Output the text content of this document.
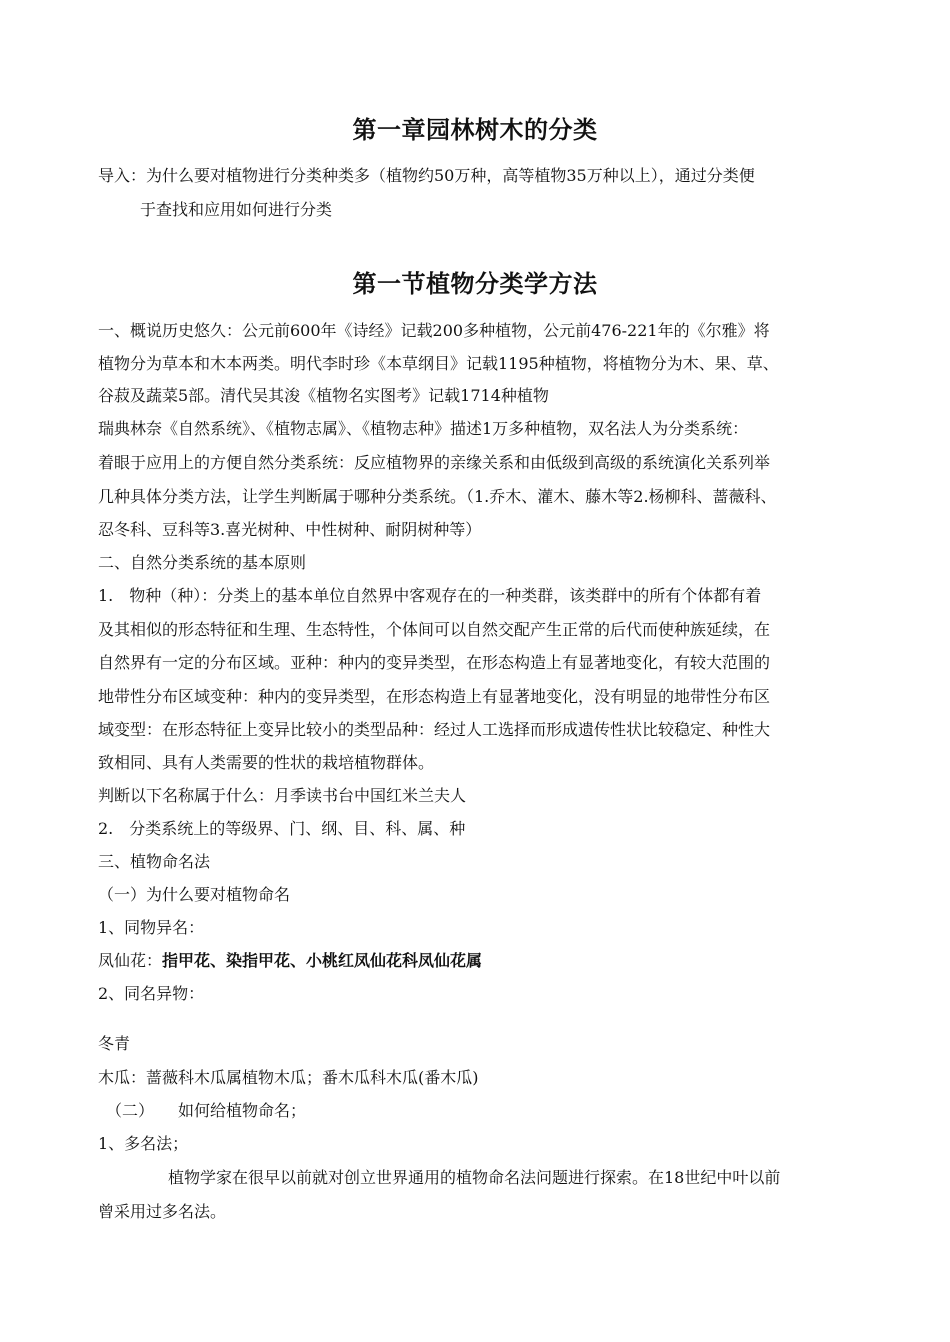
第一章园林树木的分类
导入：为什么要对植物进行分类种类多（植物约50万种，高等植物35万种以上），通过分类便
于查找和应用如何进行分类
第一节植物分类学方法
一、概说历史悠久：公元前600年《诗经》记载200多种植物，公元前476-221年的《尔雅》将
植物分为草本和木本两类。明代李时珍《本草纲目》记载1195种植物，将植物分为木、果、草、
谷菽及蔬菜5部。清代吴其浚《植物名实图考》记载1714种植物
瑞典林奈《自然系统》、《植物志属》、《植物志种》描述1万多种植物，双名法人为分类系统：
着眼于应用上的方便自然分类系统：反应植物界的亲缘关系和由低级到高级的系统演化关系列举
几种具体分类方法，让学生判断属于哪种分类系统。（1.乔木、灌木、藤木等2.杨柳科、蔷薇科、
忍冬科、豆科等3.喜光树种、中性树种、耐阴树种等）
二、自然分类系统的基本原则
1.　物种（种）：分类上的基本单位自然界中客观存在的一种类群，该类群中的所有个体都有着
及其相似的形态特征和生理、生态特性，个体间可以自然交配产生正常的后代而使种族延续，在
自然界有一定的分布区域。亚种：种内的变异类型，在形态构造上有显著地变化，有较大范围的
地带性分布区域变种：种内的变异类型，在形态构造上有显著地变化，没有明显的地带性分布区
域变型：在形态特征上变异比较小的类型品种：经过人工选择而形成遗传性状比较稳定、种性大
致相同、具有人类需要的性状的栽培植物群体。
判断以下名称属于什么：月季读书台中国红米兰夫人
2.　分类系统上的等级界、门、纲、目、科、属、种
三、植物命名法
（一）为什么要对植物命名
1、同物异名：
凤仙花：指甲花、染指甲花、小桃红凤仙花科凤仙花属
2、同名异物：
冬青
木瓜：蔷薇科木瓜属植物木瓜；番木瓜科木瓜(番木瓜)
（二）　　如何给植物命名；
1、多名法；
植物学家在很早以前就对创立世界通用的植物命名法问题进行探索。在18世纪中叶以前
曾采用过多名法。
